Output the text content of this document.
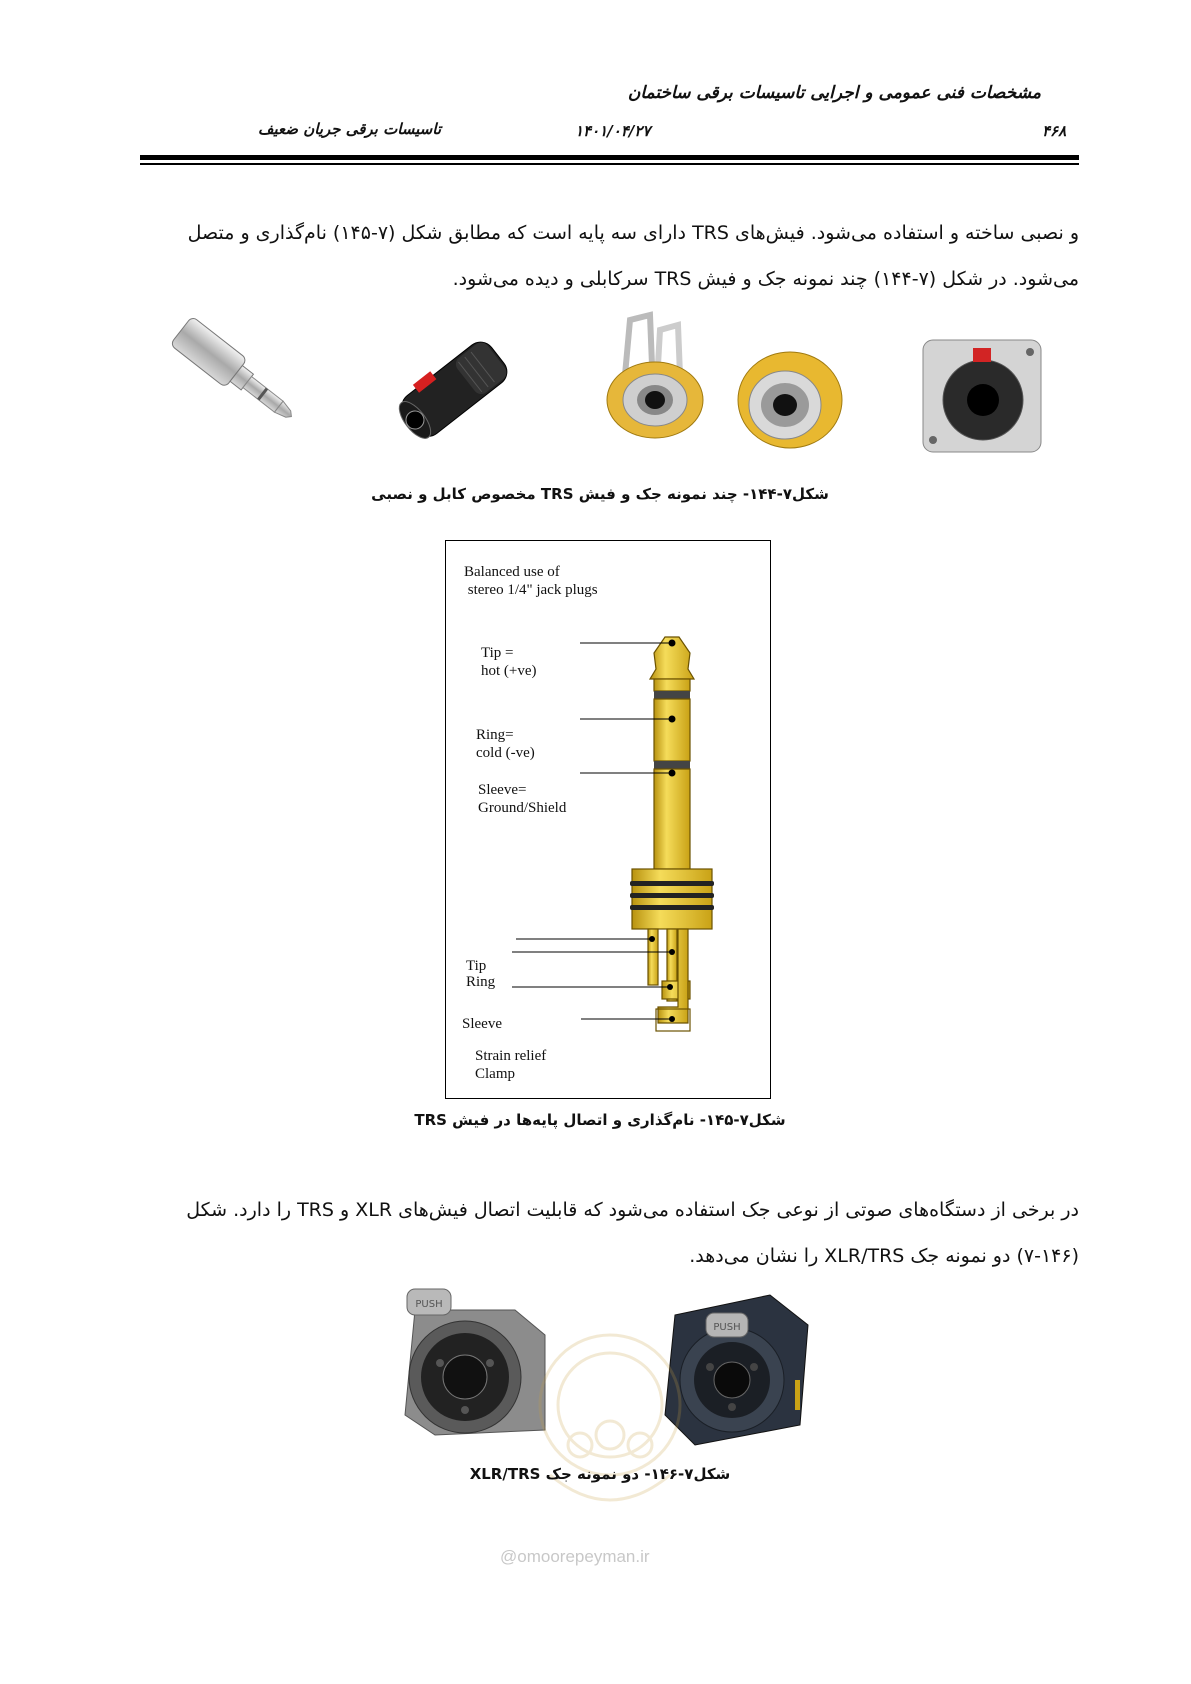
مشخصات فنی عمومی و اجرایی تاسیسات برقی ساختمان
تاسیسات برقی جریان ضعیف	۱۴۰۱/۰۴/۲۷	۴۶۸
و نصبی ساخته و استفاده می‌شود. فیش‌های TRS دارای سه پایه است که مطابق شکل (۷-۱۴۵) نام‌گذاری و متصل
می‌شود. در شکل (۷-۱۴۴) چند نمونه جک و فیش TRS سرکابلی و دیده می‌شود.
شکل۷-۱۴۴- چند نمونه جک و فیش TRS مخصوص کابل و نصبی
Balanced use of
stereo 1/4" jack plugs
Tip =
hot (+ve)
Ring=
cold (-ve)
Sleeve=
Ground/Shield
Tip
Ring
Sleeve
Strain relief
Clamp
شکل۷-۱۴۵- نام‌گذاری و اتصال پایه‌ها در فیش TRS
در برخی از دستگاه‌های صوتی از نوعی جک استفاده می‌شود که قابلیت اتصال فیش‌های XLR و TRS را دارد. شکل
(۷-۱۴۶) دو نمونه جک XLR/TRS را نشان می‌دهد.
PUSH
PUSH
شکل۷-۱۴۶- دو نمونه جک XLR/TRS
@omoorepeyman.ir
